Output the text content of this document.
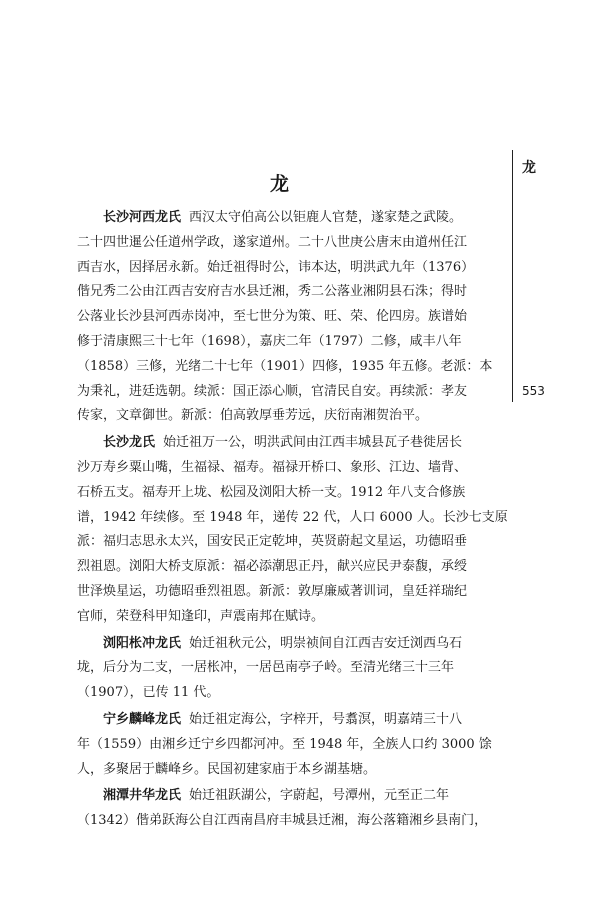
龙
553
龙
长沙河西龙氏 西汉太守伯高公以钜鹿人官楚，遂家楚之武陵。
二十四世暹公任道州学政，遂家道州。二十八世庚公唐末由道州任江
西吉水，因择居永新。始迁祖得时公，讳本达，明洪武九年（1376）
偕兄秀二公由江西吉安府吉水县迁湘，秀二公落业湘阴县石洙；得时
公落业长沙县河西赤岗冲，至七世分为策、旺、荣、伦四房。族谱始
修于清康熙三十七年（1698），嘉庆二年（1797）二修，咸丰八年
（1858）三修，光绪二十七年（1901）四修，1935 年五修。老派：本
为秉礼，进廷选朝。续派：国正添心顺，官清民自安。再续派：孝友
传家，文章御世。新派：伯高敦厚垂芳远，庆衍南湘贺治平。
长沙龙氏 始迁祖万一公，明洪武间由江西丰城县瓦子巷徙居长
沙万寿乡粟山嘴，生福禄、福寿。福禄开桥口、象形、江边、墙背、
石桥五支。福寿开上垅、松园及浏阳大桥一支。1912 年八支合修族
谱，1942 年续修。至 1948 年，递传 22 代，人口 6000 人。长沙七支原
派：福归志思永太兴，国安民正定乾坤，英贤蔚起文星运，功德昭垂
烈祖恩。浏阳大桥支原派：福必添潮思正丹，献兴应民尹泰馥，承绶
世泽焕星运，功德昭垂烈祖恩。新派：敦厚廉威著训词，皇廷祥瑞纪
官师，荣登科甲知逢印，声震南邦在赋诗。
浏阳枨冲龙氏 始迁祖秋元公，明崇祯间自江西吉安迁浏西乌石
垅，后分为二支，一居枨冲，一居邑南亭子岭。至清光绪三十三年
（1907），已传 11 代。
宁乡麟峰龙氏 始迁祖定海公，字梓开，号翥溟，明嘉靖三十八
年（1559）由湘乡迁宁乡四都河冲。至 1948 年，全族人口约 3000 馀
人，多聚居于麟峰乡。民国初建家庙于本乡湖基塘。
湘潭井华龙氏 始迁祖跃湖公，字蔚起，号潭州，元至正二年
（1342）偕弟跃海公自江西南昌府丰城县迁湘，海公落籍湘乡县南门，
